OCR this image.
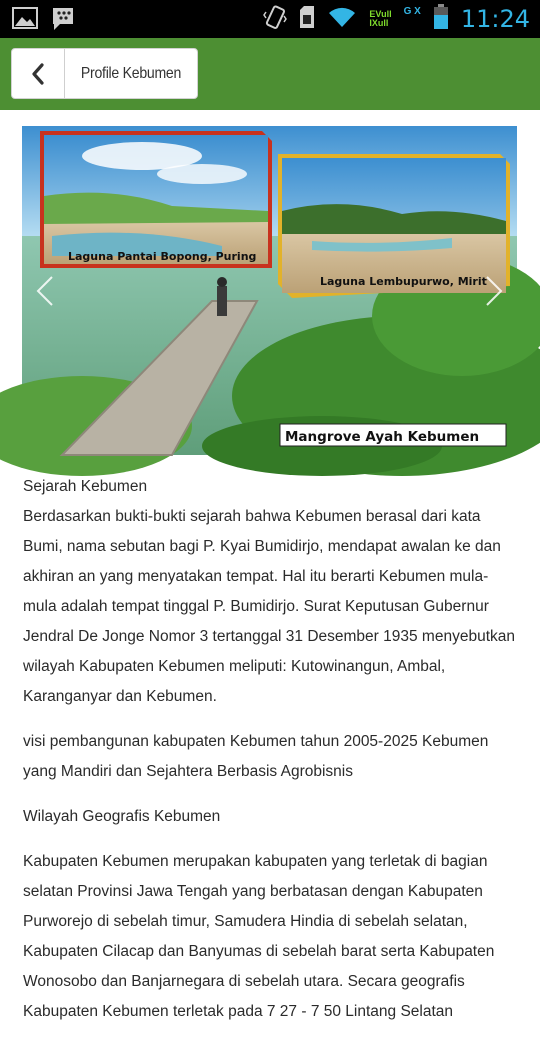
EVull
IXull
G X 11:24
Profile Kebumen
Laguna Pantai Bopong, Puring
Laguna Lembupurwo, Mirit
Mangrove Ayah Kebumen

Sejarah Kebumen

Berdasarkan bukti-bukti sejarah bahwa Kebumen berasal dari kata Bumi, nama sebutan bagi P. Kyai Bumidirjo, mendapat awalan ke dan akhiran an yang menyatakan tempat. Hal itu berarti Kebumen mula-mula adalah tempat tinggal P. Bumidirjo. Surat Keputusan Gubernur Jendral De Jonge Nomor 3 tertanggal 31 Desember 1935 menyebutkan wilayah Kabupaten Kebumen meliputi: Kutowinangun, Ambal, Karanganyar dan Kebumen.

visi pembangunan kabupaten Kebumen tahun 2005-2025 Kebumen yang Mandiri dan Sejahtera Berbasis Agrobisnis

Wilayah Geografis Kebumen

Kabupaten Kebumen merupakan kabupaten yang terletak di bagian selatan Provinsi Jawa Tengah yang berbatasan dengan Kabupaten Purworejo di sebelah timur, Samudera Hindia di sebelah selatan, Kabupaten Cilacap dan Banyumas di sebelah barat serta Kabupaten Wonosobo dan Banjarnegara di sebelah utara. Secara geografis Kabupaten Kebumen terletak pada 7 27 - 7 50 Lintang Selatan
